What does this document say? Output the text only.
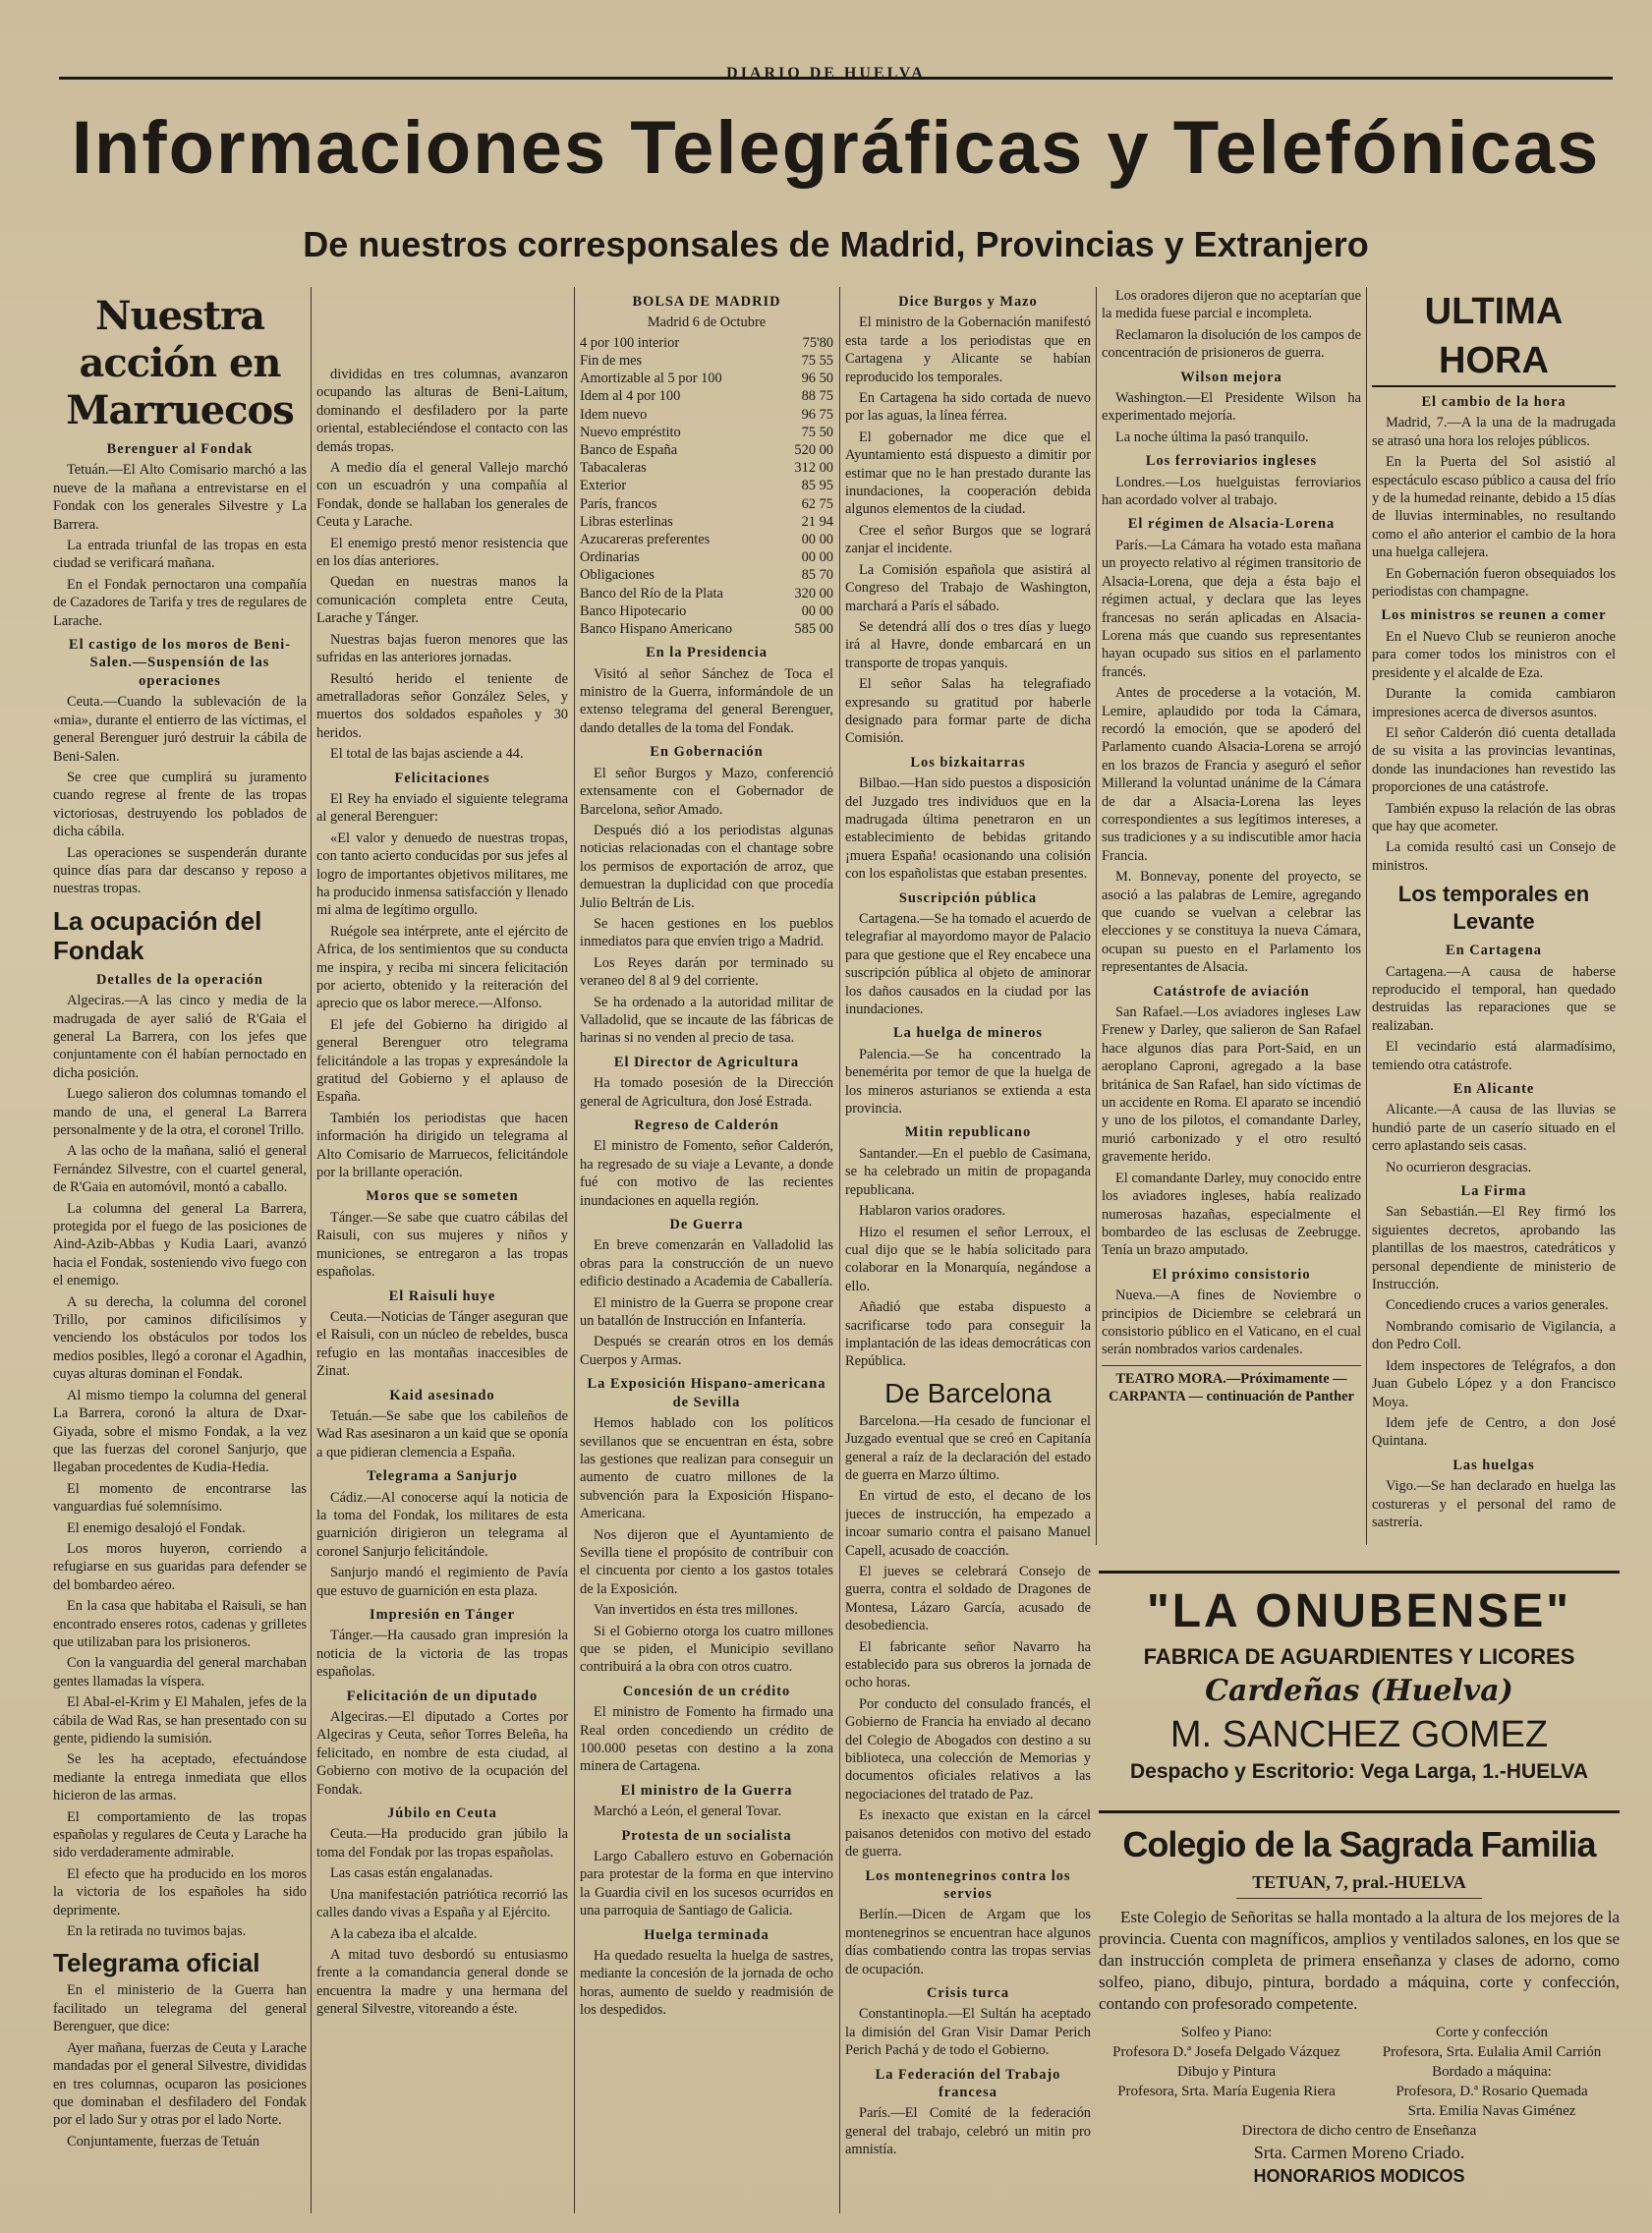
DIARIO DE HUELVA
Informaciones Telegráficas y Telefónicas
De nuestros corresponsales de Madrid, Provincias y Extranjero
Nuestra acción en Marruecos
Berenguer al Fondak

Tetuán.—El Alto Comisario marchó a las nueve de la mañana a entrevistarse en el Fondak con los generales Silvestre y La Barrera.

La entrada triunfal de las tropas en esta ciudad se verificará mañana.

En el Fondak pernoctaron una compañía de Cazadores de Tarifa y tres de regulares de Larache.

El castigo de los moros de Beni-Salen.—Suspensión de las operaciones

Ceuta.—Cuando la sublevación de la «mia», durante el entierro de las víctimas, el general Berenguer juró destruir la cábila de Beni-Salen.

Se cree que cumplirá su juramento cuando regrese al frente de las tropas victoriosas, destruyendo los poblados de dicha cábila.

Las operaciones se suspenderán durante quince días para dar descanso y reposo a nuestras tropas.

La ocupación del Fondak
Detalles de la operación

Algeciras.—A las cinco y media de la madrugada de ayer salió de R'Gaia el general La Barrera, con los jefes que conjuntamente con él habían pernoctado en dicha posición.

Luego salieron dos columnas tomando el mando de una, el general La Barrera personalmente y de la otra, el coronel Trillo.

A las ocho de la mañana, salió el general Fernández Silvestre, con el cuartel general, de R'Gaia en automóvil, montó a caballo.

La columna del general La Barrera, protegida por el fuego de las posiciones de Aind-Azib-Abbas y Kudia Laari, avanzó hacia el Fondak, sosteniendo vivo fuego con el enemigo.

A su derecha, la columna del coronel Trillo, por caminos dificilísimos y venciendo los obstáculos por todos los medios posibles, llegó a coronar el Agadhin, cuyas alturas dominan el Fondak.

Al mismo tiempo la columna del general La Barrera, coronó la altura de Dxar-Giyada, sobre el mismo Fondak, a la vez que las fuerzas del coronel Sanjurjo, que llegaban procedentes de Kudia-Hedia.

El momento de encontrarse las vanguardias fué solemnísimo.

El enemigo desalojó el Fondak.

Los moros huyeron, corriendo a refugiarse en sus guaridas para defender se del bombardeo aéreo.

En la casa que habitaba el Raisuli, se han encontrado enseres rotos, cadenas y grilletes que utilizaban para los prisioneros.

Con la vanguardia del general marchaban gentes llamadas la víspera.

El Abal-el-Krim y El Mahalen, jefes de la cábila de Wad Ras, se han presentado con su gente, pidiendo la sumisión.

Se les ha aceptado, efectuándose mediante la entrega inmediata que ellos hicieron de las armas.

El comportamiento de las tropas españolas y regulares de Ceuta y Larache ha sido verdaderamente admirable.

El efecto que ha producido en los moros la victoria de los españoles ha sido deprimente.

En la retirada no tuvimos bajas.

Telegrama oficial

En el ministerio de la Guerra han facilitado un telegrama del general Berenguer, que dice:

Ayer mañana, fuerzas de Ceuta y Larache mandadas por el general Silvestre, divididas en tres columnas, ocuparon las posiciones que dominaban el desfiladero del Fondak por el lado Sur y otras por el lado Norte.

Conjuntamente, fuerzas de Tetuán

divididas en tres columnas, avanzaron ocupando las alturas de Beni-Laitum, dominando el desfiladero por la parte oriental, estableciéndose el contacto con las demás tropas.

A medio día el general Vallejo marchó con un escuadrón y una compañía al Fondak, donde se hallaban los generales de Ceuta y Larache.

El enemigo prestó menor resistencia que en los días anteriores.

Quedan en nuestras manos la comunicación completa entre Ceuta, Larache y Tánger.

Nuestras bajas fueron menores que las sufridas en las anteriores jornadas.

Resultó herido el teniente de ametralladoras señor González Seles, y muertos dos soldados españoles y 30 heridos.

El total de las bajas asciende a 44.

Felicitaciones

El Rey ha enviado el siguiente telegrama al general Berenguer:

«El valor y denuedo de nuestras tropas, con tanto acierto conducidas por sus jefes al logro de importantes objetivos militares, me ha producido inmensa satisfacción y llenado mi alma de legítimo orgullo.

Ruégole sea intérprete, ante el ejército de Africa, de los sentimientos que su conducta me inspira, y reciba mi sincera felicitación por acierto, obtenido y la reiteración del aprecio que os labor merece.—Alfonso.

El jefe del Gobierno ha dirigido al general Berenguer otro telegrama felicitándole a las tropas y expresándole la gratitud del Gobierno y el aplauso de España.

También los periodistas que hacen información ha dirigido un telegrama al Alto Comisario de Marruecos, felicitándole por la brillante operación.

Moros que se someten

Tánger.—Se sabe que cuatro cábilas del Raisuli, con sus mujeres y niños y municiones, se entregaron a las tropas españolas.

El Raisuli huye

Ceuta.—Noticias de Tánger aseguran que el Raisuli, con un núcleo de rebeldes, busca refugio en las montañas inaccesibles de Zinat.

Kaid asesinado

Tetuán.—Se sabe que los cabileños de Wad Ras asesinaron a un kaid que se oponía a que pidieran clemencia a España.

Telegrama a Sanjurjo

Cádiz.—Al conocerse aquí la noticia de la toma del Fondak, los militares de esta guarnición dirigieron un telegrama al coronel Sanjurjo felicitándole.

Sanjurjo mandó el regimiento de Pavía que estuvo de guarnición en esta plaza.

Impresión en Tánger

Tánger.—Ha causado gran impresión la noticia de la victoria de las tropas españolas.

Felicitación de un diputado

Algeciras.—El diputado a Cortes por Algeciras y Ceuta, señor Torres Beleña, ha felicitado, en nombre de esta ciudad, al Gobierno con motivo de la ocupación del Fondak.

Júbilo en Ceuta

Ceuta.—Ha producido gran júbilo la toma del Fondak por las tropas españolas.

Las casas están engalanadas.

Una manifestación patriótica recorrió las calles dando vivas a España y al Ejército.

A la cabeza iba el alcalde.

A mitad tuvo desbordó su entusiasmo frente a la comandancia general donde se encuentra la madre y una hermana del general Silvestre, vitoreando a éste.

BOLSA DE MADRID
Madrid 6 de Octubre
4 por 100 interior	75'80
Fin de mes	75 55
Amortizable al 5 por 100	96 50
Idem al 4 por 100	88 75
Idem nuevo	96 75
Nuevo empréstito	75 50
Banco de España	520 00
Tabacaleras	312 00
Exterior	85 95
París, francos	62 75
Libras esterlinas	21 94
Azucareras preferentes	00 00
Ordinarias	00 00
Obligaciones	85 70
Banco del Río de la Plata	320 00
Banco Hipotecario	00 00
Banco Hispano Americano	585 00
En la Presidencia

Visitó al señor Sánchez de Toca el ministro de la Guerra, informándole de un extenso telegrama del general Berenguer, dando detalles de la toma del Fondak.

En Gobernación

El señor Burgos y Mazo, conferenció extensamente con el Gobernador de Barcelona, señor Amado.

Después dió a los periodistas algunas noticias relacionadas con el chantage sobre los permisos de exportación de arroz, que demuestran la duplicidad con que procedía Julio Beltrán de Lis.

Se hacen gestiones en los pueblos inmediatos para que envíen trigo a Madrid.

Los Reyes darán por terminado su veraneo del 8 al 9 del corriente.

Se ha ordenado a la autoridad militar de Valladolid, que se incaute de las fábricas de harinas si no venden al precio de tasa.

El Director de Agricultura

Ha tomado posesión de la Dirección general de Agricultura, don José Estrada.

Regreso de Calderón

El ministro de Fomento, señor Calderón, ha regresado de su viaje a Levante, a donde fué con motivo de las recientes inundaciones en aquella región.

De Guerra

En breve comenzarán en Valladolid las obras para la construcción de un nuevo edificio destinado a Academia de Caballería.

El ministro de la Guerra se propone crear un batallón de Instrucción en Infantería.

Después se crearán otros en los demás Cuerpos y Armas.

La Exposición Hispano-americana de Sevilla

Hemos hablado con los políticos sevillanos que se encuentran en ésta, sobre las gestiones que realizan para conseguir un aumento de cuatro millones de la subvención para la Exposición Hispano-Americana.

Nos dijeron que el Ayuntamiento de Sevilla tiene el propósito de contribuir con el cincuenta por ciento a los gastos totales de la Exposición.

Van invertidos en ésta tres millones.

Si el Gobierno otorga los cuatro millones que se piden, el Municipio sevillano contribuirá a la obra con otros cuatro.

Concesión de un crédito

El ministro de Fomento ha firmado una Real orden concediendo un crédito de 100.000 pesetas con destino a la zona minera de Cartagena.

El ministro de la Guerra

Marchó a León, el general Tovar.

Protesta de un socialista

Largo Caballero estuvo en Gobernación para protestar de la forma en que intervino la Guardia civil en los sucesos ocurridos en una parroquia de Santiago de Galicia.

Huelga terminada

Ha quedado resuelta la huelga de sastres, mediante la concesión de la jornada de ocho horas, aumento de sueldo y readmisión de los despedidos.

Dice Burgos y Mazo

El ministro de la Gobernación manifestó esta tarde a los periodistas que en Cartagena y Alicante se habían reproducido los temporales.

En Cartagena ha sido cortada de nuevo por las aguas, la línea férrea.

El gobernador me dice que el Ayuntamiento está dispuesto a dimitir por estimar que no le han prestado durante las inundaciones, la cooperación debida algunos elementos de la ciudad.

Cree el señor Burgos que se logrará zanjar el incidente.

La Comisión española que asistirá al Congreso del Trabajo de Washington, marchará a París el sábado.

Se detendrá allí dos o tres días y luego irá al Havre, donde embarcará en un transporte de tropas yanquis.

El señor Salas ha telegrafiado expresando su gratitud por haberle designado para formar parte de dicha Comisión.

Los bizkaitarras

Bilbao.—Han sido puestos a disposición del Juzgado tres individuos que en la madrugada última penetraron en un establecimiento de bebidas gritando ¡muera España! ocasionando una colisión con los españolistas que estaban presentes.

Suscripción pública

Cartagena.—Se ha tomado el acuerdo de telegrafiar al mayordomo mayor de Palacio para que gestione que el Rey encabece una suscripción pública al objeto de aminorar los daños causados en la ciudad por las inundaciones.

La huelga de mineros

Palencia.—Se ha concentrado la benemérita por temor de que la huelga de los mineros asturianos se extienda a esta provincia.

Mitin republicano

Santander.—En el pueblo de Casimana, se ha celebrado un mitin de propaganda republicana.

Hablaron varios oradores.

Hizo el resumen el señor Lerroux, el cual dijo que se le había solicitado para colaborar en la Monarquía, negándose a ello.

Añadió que estaba dispuesto a sacrificarse todo para conseguir la implantación de las ideas democráticas con República.

De Barcelona

Barcelona.—Ha cesado de funcionar el Juzgado eventual que se creó en Capitanía general a raíz de la declaración del estado de guerra en Marzo último.

En virtud de esto, el decano de los jueces de instrucción, ha empezado a incoar sumario contra el paisano Manuel Capell, acusado de coacción.

El jueves se celebrará Consejo de guerra, contra el soldado de Dragones de Montesa, Lázaro García, acusado de desobediencia.

El fabricante señor Navarro ha establecido para sus obreros la jornada de ocho horas.

Por conducto del consulado francés, el Gobierno de Francia ha enviado al decano del Colegio de Abogados con destino a su biblioteca, una colección de Memorias y documentos oficiales relativos a las negociaciones del tratado de Paz.

Es inexacto que existan en la cárcel paisanos detenidos con motivo del estado de guerra.

Los montenegrinos contra los servios

Berlín.—Dicen de Argam que los montenegrinos se encuentran hace algunos días combatiendo contra las tropas servias de ocupación.

Crisis turca

Constantinopla.—El Sultán ha aceptado la dimisión del Gran Visir Damar Perich Perich Pachá y de todo el Gobierno.

La Federación del Trabajo francesa

París.—El Comité de la federación general del trabajo, celebró un mitin pro amnistía.

Los oradores dijeron que no aceptarían que la medida fuese parcial e incompleta.

Reclamaron la disolución de los campos de concentración de prisioneros de guerra.

Wilson mejora

Washington.—El Presidente Wilson ha experimentado mejoría.

La noche última la pasó tranquilo.

Los ferroviarios ingleses

Londres.—Los huelguistas ferroviarios han acordado volver al trabajo.

El régimen de Alsacia-Lorena

París.—La Cámara ha votado esta mañana un proyecto relativo al régimen transitorio de Alsacia-Lorena, que deja a ésta bajo el régimen actual, y declara que las leyes francesas no serán aplicadas en Alsacia-Lorena más que cuando sus representantes hayan ocupado sus sitios en el parlamento francés.

Antes de procederse a la votación, M. Lemire, aplaudido por toda la Cámara, recordó la emoción, que se apoderó del Parlamento cuando Alsacia-Lorena se arrojó en los brazos de Francia y aseguró el señor Millerand la voluntad unánime de la Cámara de dar a Alsacia-Lorena las leyes correspondientes a sus legítimos intereses, a sus tradiciones y a su indiscutible amor hacia Francia.

M. Bonnevay, ponente del proyecto, se asoció a las palabras de Lemire, agregando que cuando se vuelvan a celebrar las elecciones y se constituya la nueva Cámara, ocupan su puesto en el Parlamento los representantes de Alsacia.

Catástrofe de aviación

San Rafael.—Los aviadores ingleses Law Frenew y Darley, que salieron de San Rafael hace algunos días para Port-Said, en un aeroplano Caproni, agregado a la base británica de San Rafael, han sido víctimas de un accidente en Roma. El aparato se incendió y uno de los pilotos, el comandante Darley, murió carbonizado y el otro resultó gravemente herido.

El comandante Darley, muy conocido entre los aviadores ingleses, había realizado numerosas hazañas, especialmente el bombardeo de las esclusas de Zeebrugge. Tenía un brazo amputado.

El próximo consistorio

Nueva.—A fines de Noviembre o principios de Diciembre se celebrará un consistorio público en el Vaticano, en el cual serán nombrados varios cardenales.

TEATRO MORA.—Próximamente — CARPANTA — continuación de Panther
ULTIMA HORA
El cambio de la hora

Madrid, 7.—A la una de la madrugada se atrasó una hora los relojes públicos.

En la Puerta del Sol asistió al espectáculo escaso público a causa del frío y de la humedad reinante, debido a 15 días de lluvias interminables, no resultando como el año anterior el cambio de la hora una huelga callejera.

En Gobernación fueron obsequiados los periodistas con champagne.

Los ministros se reunen a comer

En el Nuevo Club se reunieron anoche para comer todos los ministros con el presidente y el alcalde de Eza.

Durante la comida cambiaron impresiones acerca de diversos asuntos.

El señor Calderón dió cuenta detallada de su visita a las provincias levantinas, donde las inundaciones han revestido las proporciones de una catástrofe.

También expuso la relación de las obras que hay que acometer.

La comida resultó casi un Consejo de ministros.

Los temporales en Levante
En Cartagena

Cartagena.—A causa de haberse reproducido el temporal, han quedado destruidas las reparaciones que se realizaban.

El vecindario está alarmadísimo, temiendo otra catástrofe.

En Alicante

Alicante.—A causa de las lluvias se hundió parte de un caserío situado en el cerro aplastando seis casas.

No ocurrieron desgracias.

La Firma

San Sebastián.—El Rey firmó los siguientes decretos, aprobando las plantillas de los maestros, catedráticos y personal dependiente de ministerio de Instrucción.

Concediendo cruces a varios generales.

Nombrando comisario de Vigilancia, a don Pedro Coll.

Idem inspectores de Telégrafos, a don Juan Gubelo López y a don Francisco Moya.

Idem jefe de Centro, a don José Quintana.

Las huelgas

Vigo.—Se han declarado en huelga las costureras y el personal del ramo de sastrería.

"LA ONUBENSE"
FABRICA DE AGUARDIENTES Y LICORES
Cardeñas (Huelva)
M. SANCHEZ GOMEZ
Despacho y Escritorio: Vega Larga, 1.-HUELVA
Colegio de la Sagrada Familia
TETUAN, 7, pral.-HUELVA
Este Colegio de Señoritas se halla montado a la altura de los mejores de la provincia. Cuenta con magníficos, amplios y ventilados salones, en los que se dan instrucción completa de primera enseñanza y clases de adorno, como solfeo, piano, dibujo, pintura, bordado a máquina, corte y confección, contando con profesorado competente.
Solfeo y Piano:
Profesora D.ª Josefa Delgado Vázquez
Dibujo y Pintura
Profesora, Srta. María Eugenia Riera
Corte y confección
Profesora, Srta. Eulalia Amil Carrión
Bordado a máquina:
Profesora, D.ª Rosario Quemada
Srta. Emilia Navas Giménez
Directora de dicho centro de Enseñanza
Srta. Carmen Moreno Criado.
HONORARIOS MODICOS
